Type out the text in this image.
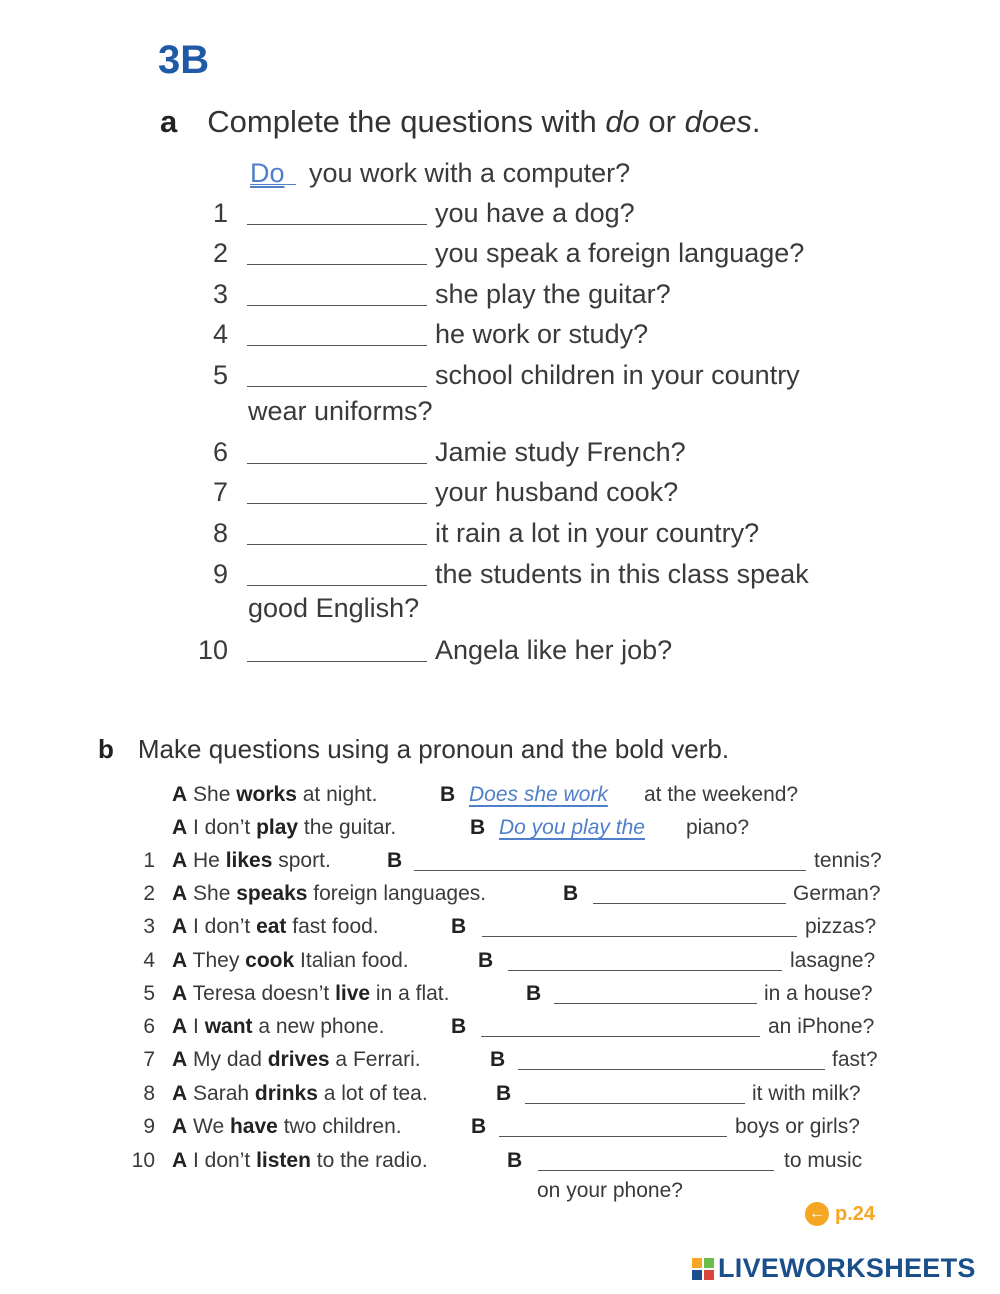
3B
a Complete the questions with do or does.
Do you work with a computer?
1	you have a dog?
2	you speak a foreign language?
3	she play the guitar?
4	he work or study?
5	school children in your country
wear uniforms?
6	Jamie study French?
7	your husband cook?
8	it rain a lot in your country?
9	the students in this class speak
good English?
10	Angela like her job?
b Make questions using a pronoun and the bold verb.
A She works at night.	B Does she work at the weekend?
A I don’t play the guitar.	B Do you play the piano?
1 A He likes sport.	B	tennis?
2 A She speaks foreign languages.	B	German?
3 A I don’t eat fast food.	B	pizzas?
4 A They cook Italian food.	B	lasagne?
5 A Teresa doesn’t live in a flat.	B	in a house?
6 A I want a new phone.	B	an iPhone?
7 A My dad drives a Ferrari.	B	fast?
8 A Sarah drinks a lot of tea.	B	it with milk?
9 A We have two children.	B	boys or girls?
10 A I don’t listen to the radio.	B	to music
on your phone?
← p.24
LIVEWORKSHEETS
